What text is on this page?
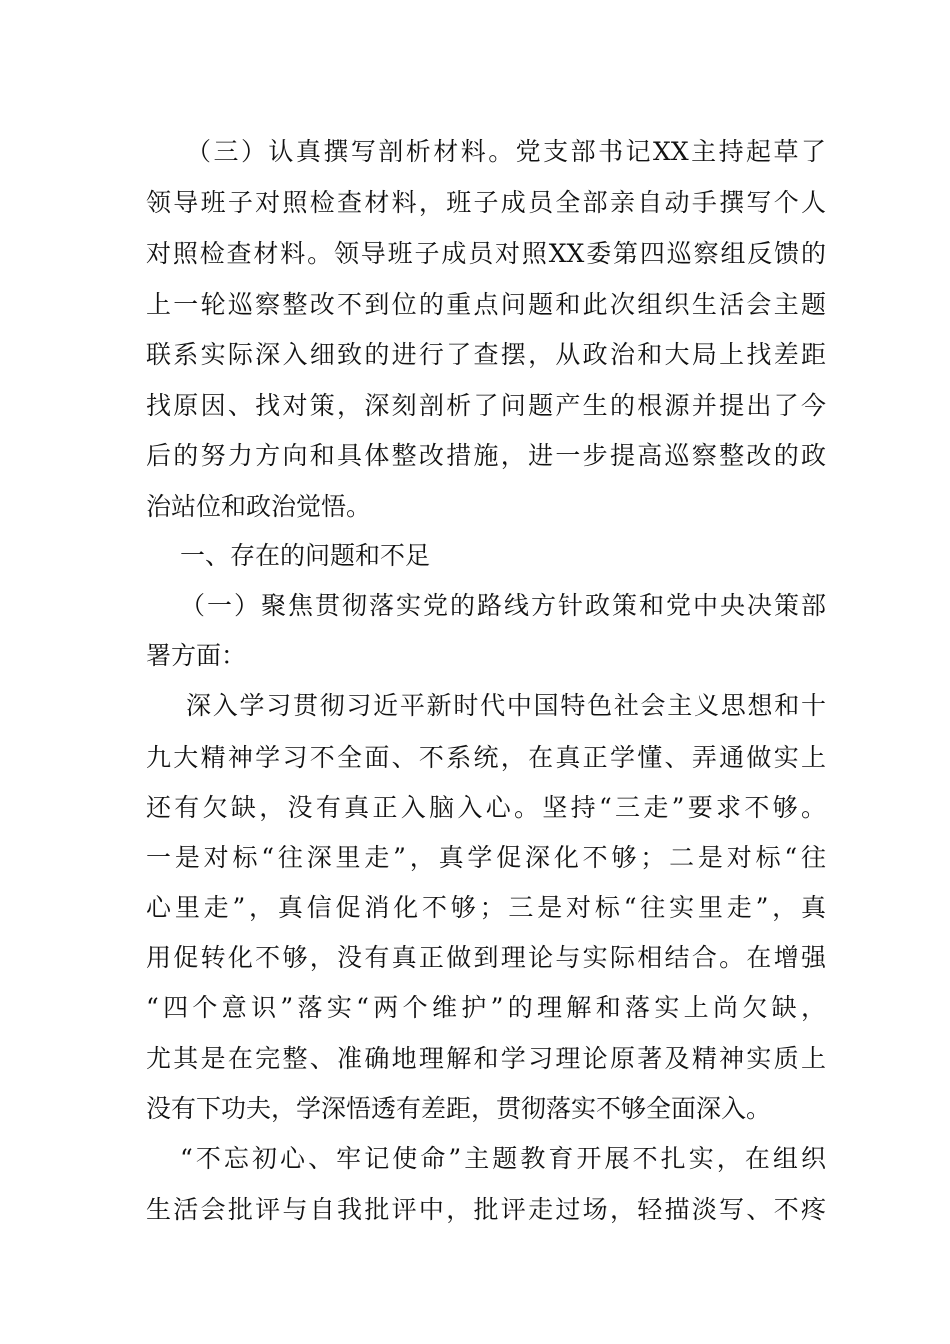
（三）认真撰写剖析材料。党支部书记XX主持起草了
领导班子对照检查材料，班子成员全部亲自动手撰写个人
对照检查材料。领导班子成员对照XX委第四巡察组反馈的
上一轮巡察整改不到位的重点问题和此次组织生活会主题
联系实际深入细致的进行了查摆，从政治和大局上找差距
找原因、找对策，深刻剖析了问题产生的根源并提出了今
后的努力方向和具体整改措施，进一步提高巡察整改的政
治站位和政治觉悟。
一、存在的问题和不足
（一）聚焦贯彻落实党的路线方针政策和党中央决策部
署方面：
深入学习贯彻习近平新时代中国特色社会主义思想和十
九大精神学习不全面、不系统，在真正学懂、弄通做实上
还有欠缺，没有真正入脑入心。坚持“三走”要求不够。
一是对标“往深里走”，真学促深化不够；二是对标“往
心里走”，真信促消化不够；三是对标“往实里走”，真
用促转化不够，没有真正做到理论与实际相结合。在增强
“四个意识”落实“两个维护”的理解和落实上尚欠缺，
尤其是在完整、准确地理解和学习理论原著及精神实质上
没有下功夫，学深悟透有差距，贯彻落实不够全面深入。
“不忘初心、牢记使命”主题教育开展不扎实，在组织
生活会批评与自我批评中，批评走过场，轻描淡写、不疼
